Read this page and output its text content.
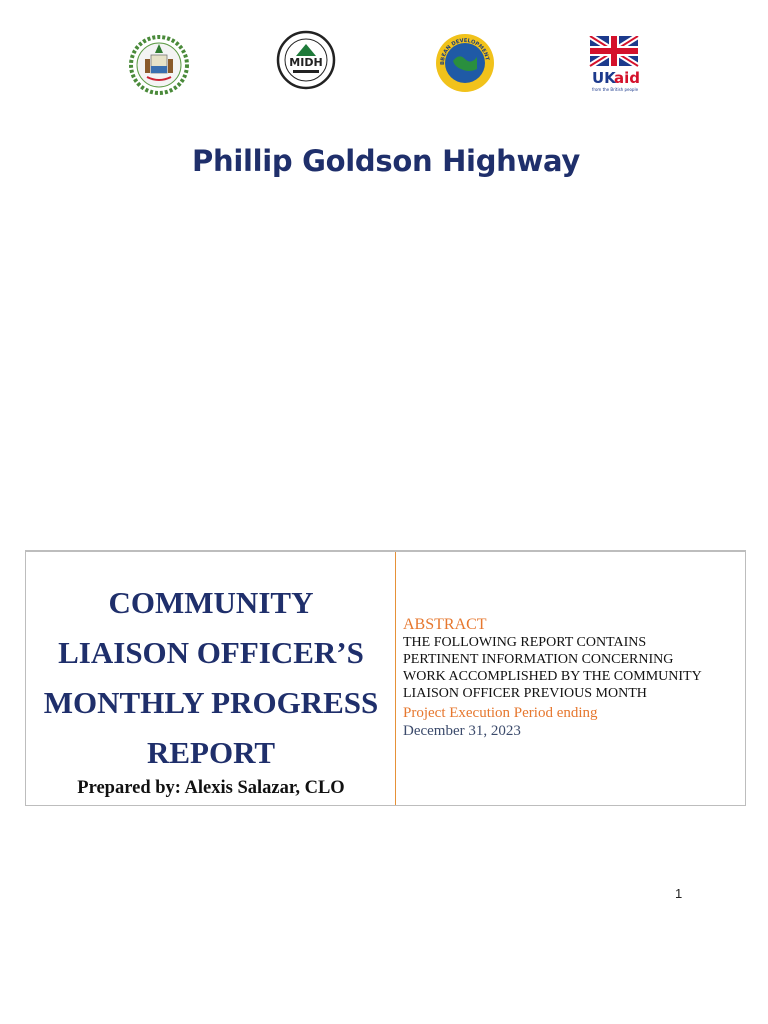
MIDH	BBEAN DEVELOPMENT
UK
aid
from the British people
Phillip Goldson Highway
COMMUNITY
LIAISON OFFICER’S
MONTHLY PROGRESS
REPORT
Prepared by: Alexis Salazar, CLO
ABSTRACT
THE FOLLOWING REPORT CONTAINS
PERTINENT INFORMATION CONCERNING
WORK ACCOMPLISHED BY THE COMMUNITY
LIAISON OFFICER PREVIOUS MONTH
Project Execution Period ending
December 31, 2023
1
